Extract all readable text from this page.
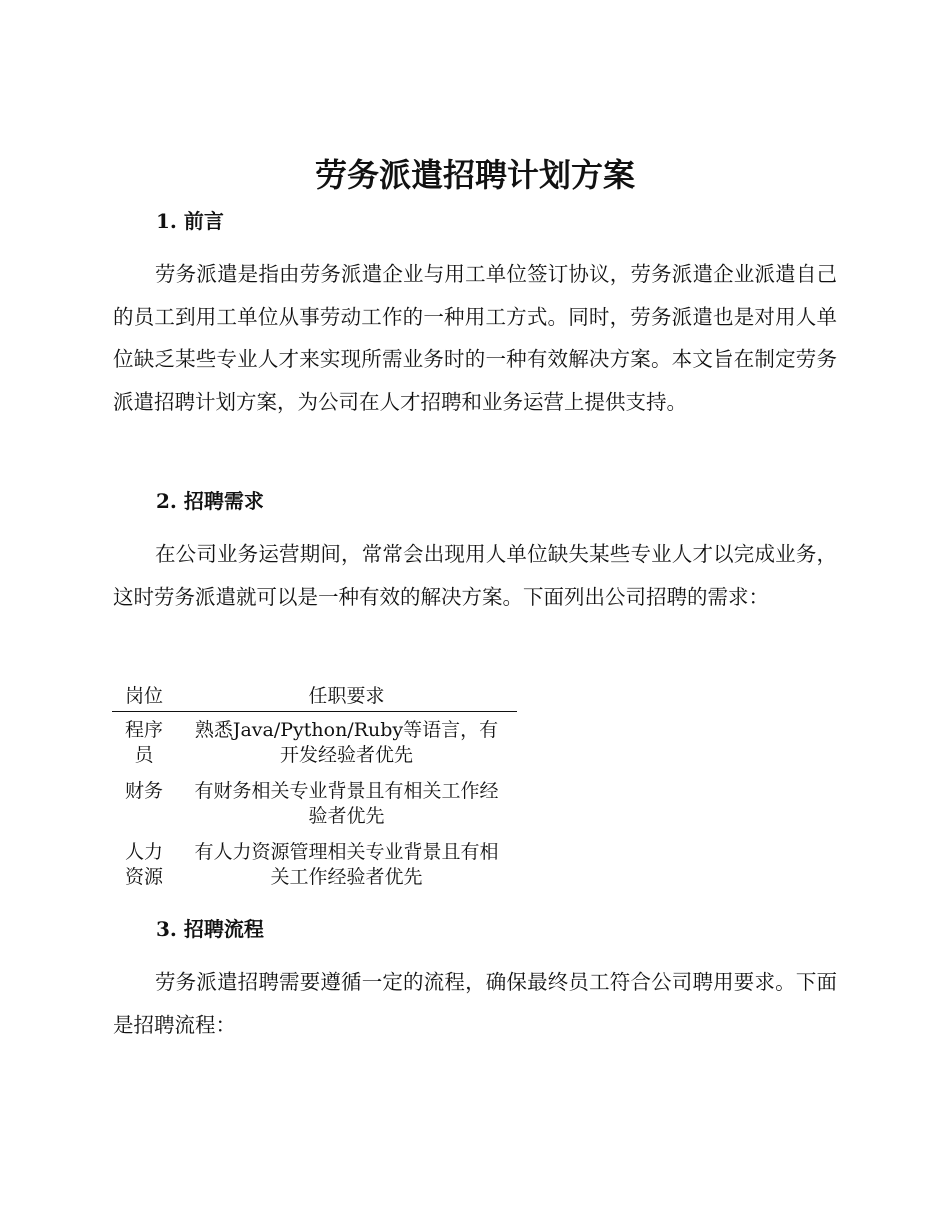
劳务派遣招聘计划方案
1. 前言

劳务派遣是指由劳务派遣企业与用工单位签订协议，劳务派遣企业派遣自己的员工到用工单位从事劳动工作的一种用工方式。同时，劳务派遣也是对用人单位缺乏某些专业人才来实现所需业务时的一种有效解决方案。本文旨在制定劳务派遣招聘计划方案，为公司在人才招聘和业务运营上提供支持。

2. 招聘需求

在公司业务运营期间，常常会出现用人单位缺失某些专业人才以完成业务，这时劳务派遣就可以是一种有效的解决方案。下面列出公司招聘的需求：

岗位	任职要求
程序员	熟悉Java/Python/Ruby等语言，有开发经验者优先
财务	有财务相关专业背景且有相关工作经验者优先
人力资源	有人力资源管理相关专业背景且有相关工作经验者优先
3. 招聘流程

劳务派遣招聘需要遵循一定的流程，确保最终员工符合公司聘用要求。下面是招聘流程：
